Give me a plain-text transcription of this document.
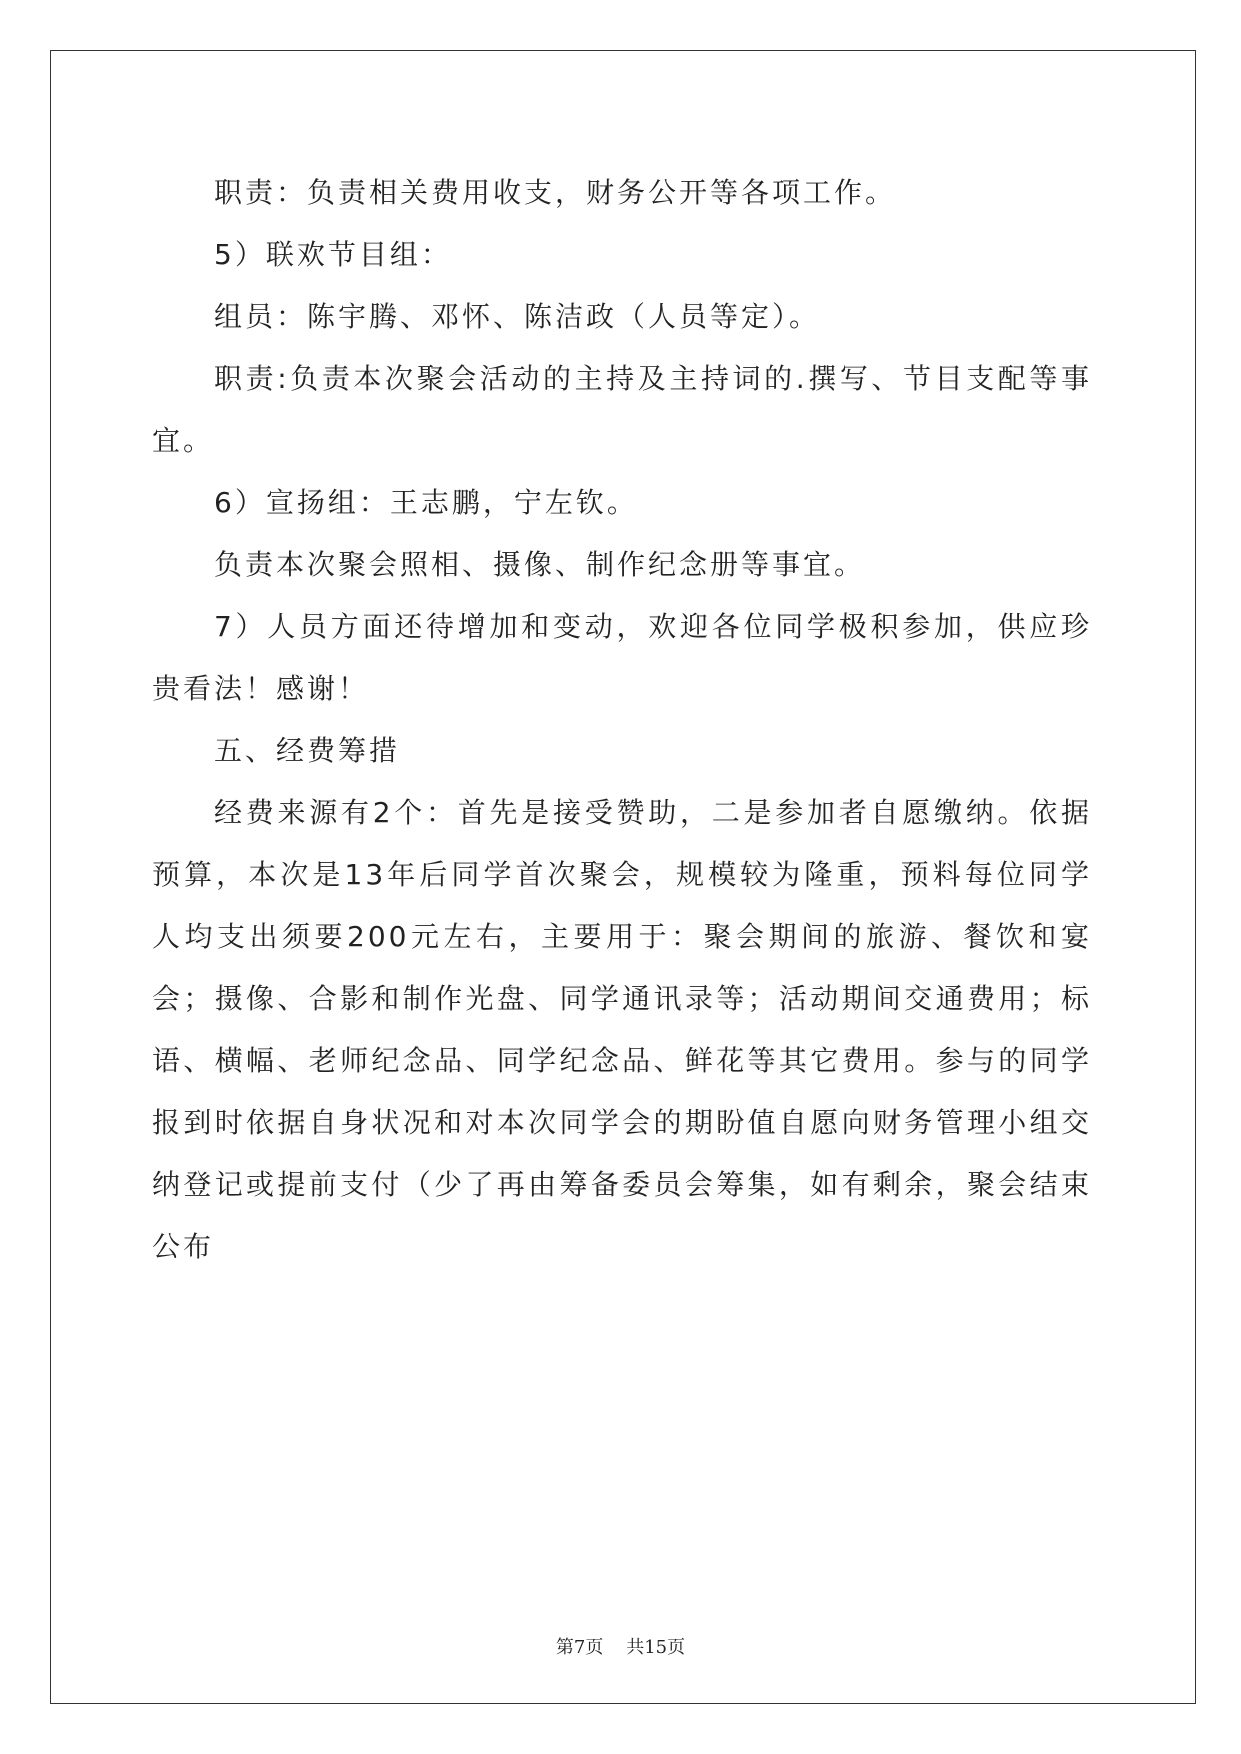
职责：负责相关费用收支，财务公开等各项工作。

5）联欢节目组：

组员：陈宇腾、邓怀、陈洁政（人员等定）。

职责:负责本次聚会活动的主持及主持词的.撰写、节目支配等事宜。

6）宣扬组：王志鹏，宁左钦。

负责本次聚会照相、摄像、制作纪念册等事宜。

7）人员方面还待增加和变动，欢迎各位同学极积参加，供应珍贵看法！感谢！

五、经费筹措

经费来源有2个：首先是接受赞助，二是参加者自愿缴纳。依据预算，本次是13年后同学首次聚会，规模较为隆重，预料每位同学人均支出须要200元左右，主要用于：聚会期间的旅游、餐饮和宴会；摄像、合影和制作光盘、同学通讯录等；活动期间交通费用；标语、横幅、老师纪念品、同学纪念品、鲜花等其它费用。参与的同学报到时依据自身状况和对本次同学会的期盼值自愿向财务管理小组交纳登记或提前支付（少了再由筹备委员会筹集，如有剩余，聚会结束公布

第7页 共15页
